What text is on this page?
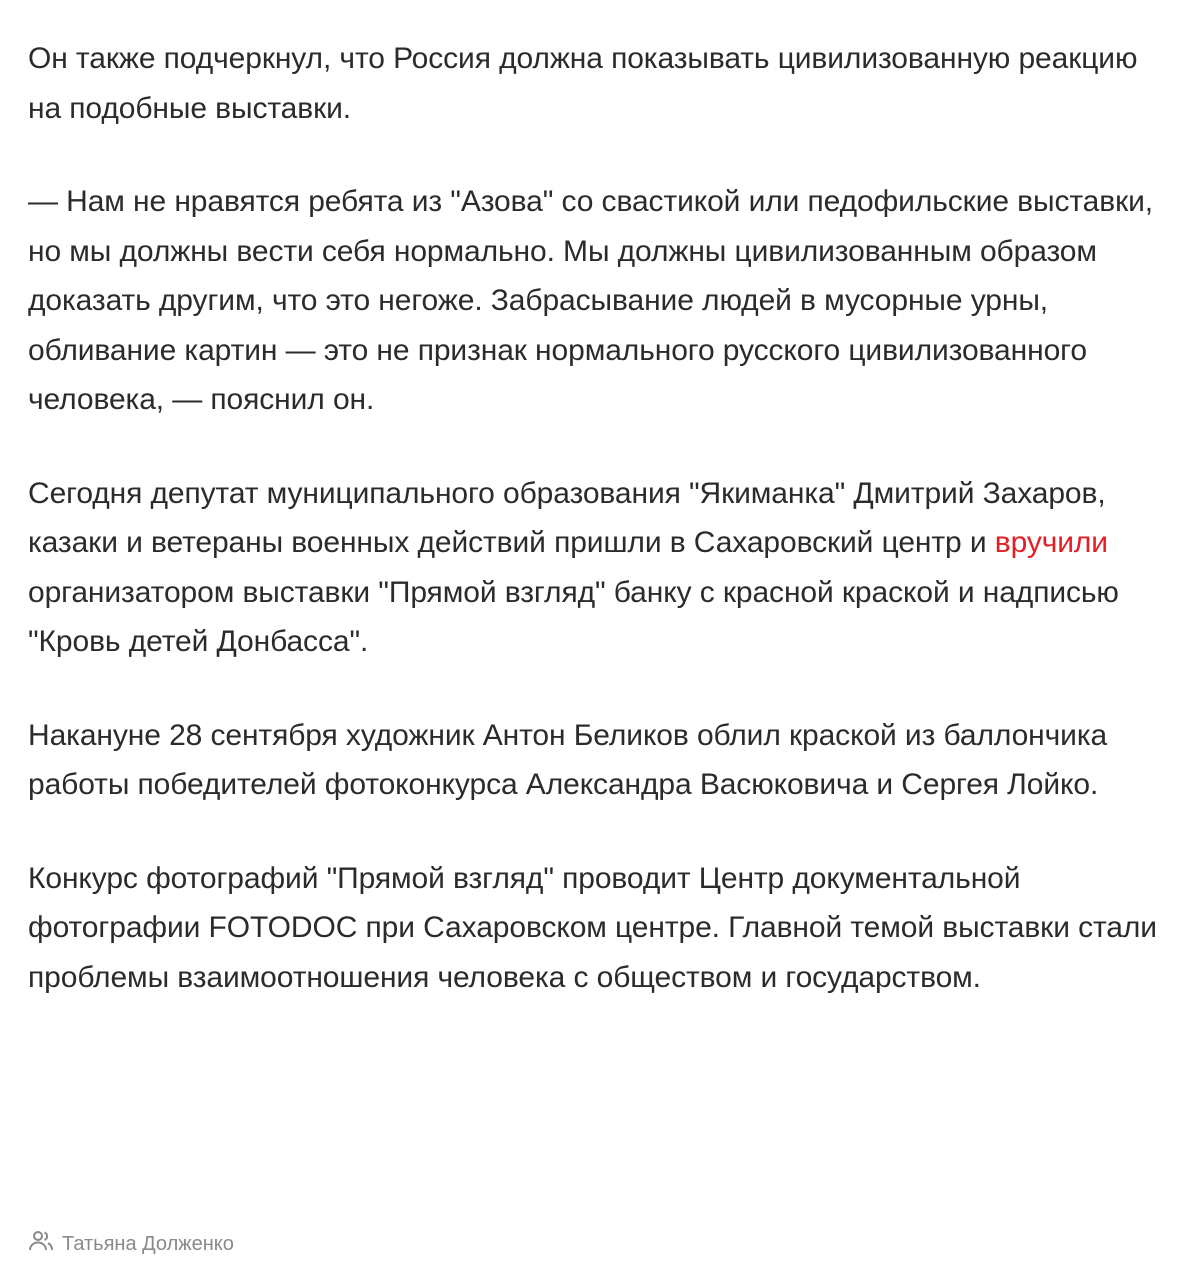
Он также подчеркнул, что Россия должна показывать цивилизованную реакцию на подобные выставки.

— Нам не нравятся ребята из "Азова" со свастикой или педофильские выставки, но мы должны вести себя нормально. Мы должны цивилизованным образом доказать другим, что это негоже. Забрасывание людей в мусорные урны, обливание картин — это не признак нормального русского цивилизованного человека, — пояснил он.

Сегодня депутат муниципального образования "Якиманка" Дмитрий Захаров, казаки и ветераны военных действий пришли в Сахаровский центр и вручили организатором выставки "Прямой взгляд" банку с красной краской и надписью "Кровь детей Донбасса".

Накануне 28 сентября художник Антон Беликов облил краской из баллончика работы победителей фотоконкурса Александра Васюковича и Сергея Лойко.

Конкурс фотографий "Прямой взгляд" проводит Центр документальной фотографии FOTODOC при Сахаровском центре. Главной темой выставки стали проблемы взаимоотношения человека с обществом и государством.

Татьяна Долженко
